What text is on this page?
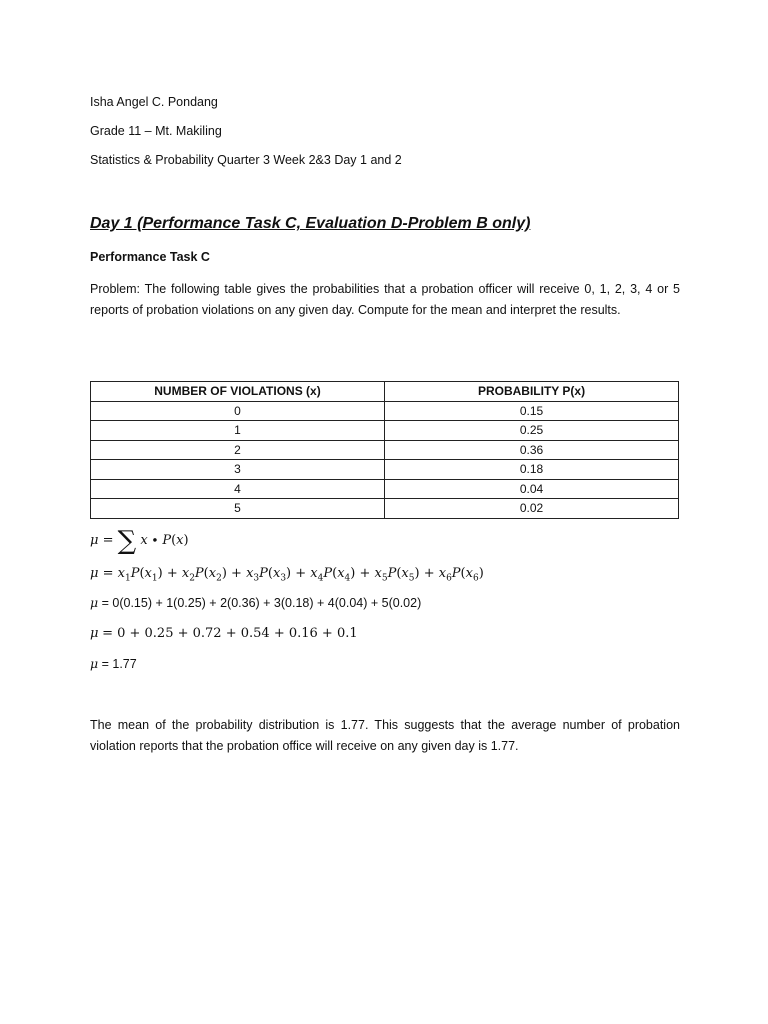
Isha Angel C. Pondang
Grade 11 – Mt. Makiling
Statistics & Probability Quarter 3 Week 2&3 Day 1 and 2
Day 1 (Performance Task C, Evaluation D-Problem B only)
Performance Task C
Problem: The following table gives the probabilities that a probation officer will receive 0, 1, 2, 3, 4 or 5 reports of probation violations on any given day. Compute for the mean and interpret the results.
NUMBER OF VIOLATIONS (x)	PROBABILITY P(x)
0	0.15
1	0.25
2	0.36
3	0.18
4	0.04
5	0.02
μ = ∑ x ∙ P(x)
$\mu = x_1P(x_1) + x_2P(x_2) + x_3P(x_3) + x_4P(x_4) + x_5P(x_5) + x_6P(x_6)$
μ = 0(0.15) + 1(0.25) + 2(0.36) + 3(0.18) + 4(0.04) + 5(0.02)
μ = 0 + 0.25 + 0.72 + 0.54 + 0.16 + 0.1
μ = 1.77
The mean of the probability distribution is 1.77. This suggests that the average number of probation violation reports that the probation office will receive on any given day is 1.77.
